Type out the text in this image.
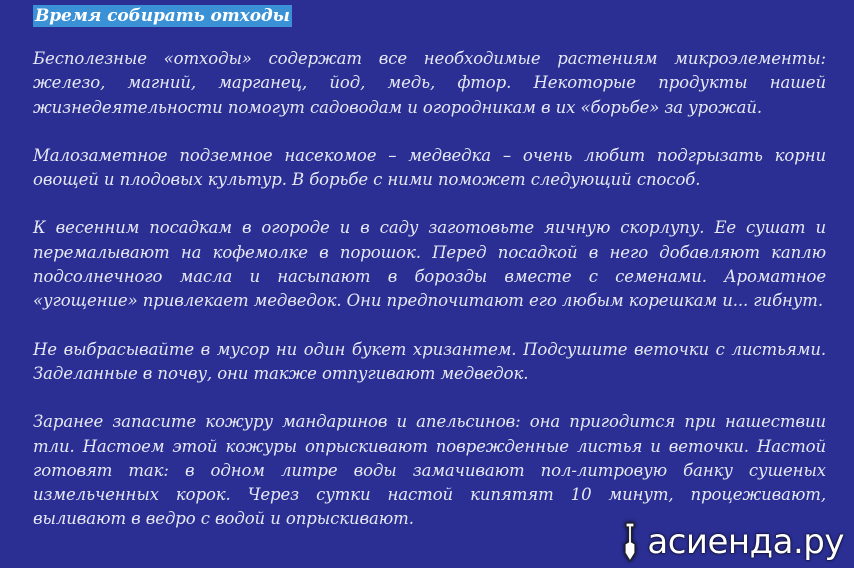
Время собирать отходы

Бесполезные «отходы» содержат все необходимые растениям микроэлементы: железо, магний, марганец, йод, медь, фтор. Некоторые продукты нашей жизнедеятельности помогут садоводам и огородникам в их «борьбе» за урожай.

Малозаметное подземное насекомое – медведка – очень любит подгрызать корни овощей и плодовых культур. В борьбе с ними поможет следующий способ.

К весенним посадкам в огороде и в саду заготовьте яичную скорлупу. Ее сушат и перемалывают на кофемолке в порошок. Перед посадкой в него добавляют каплю подсолнечного масла и насыпают в борозды вместе с семенами. Ароматное «угощение» привлекает медведок. Они предпочитают его любым корешкам и... гибнут.

Не выбрасывайте в мусор ни один букет хризантем. Подсушите веточки с листьями. Заделанные в почву, они также отпугивают медведок.

Заранее запасите кожуру мандаринов и апельсинов: она пригодится при нашествии тли. Настоем этой кожуры опрыскивают поврежденные листья и веточки. Настой готовят так: в одном литре воды замачивают пол-литровую банку сушеных измельченных корок. Через сутки настой кипятят 10 минут, процеживают, выливают в ведро с водой и опрыскивают.

асиенда.ру
